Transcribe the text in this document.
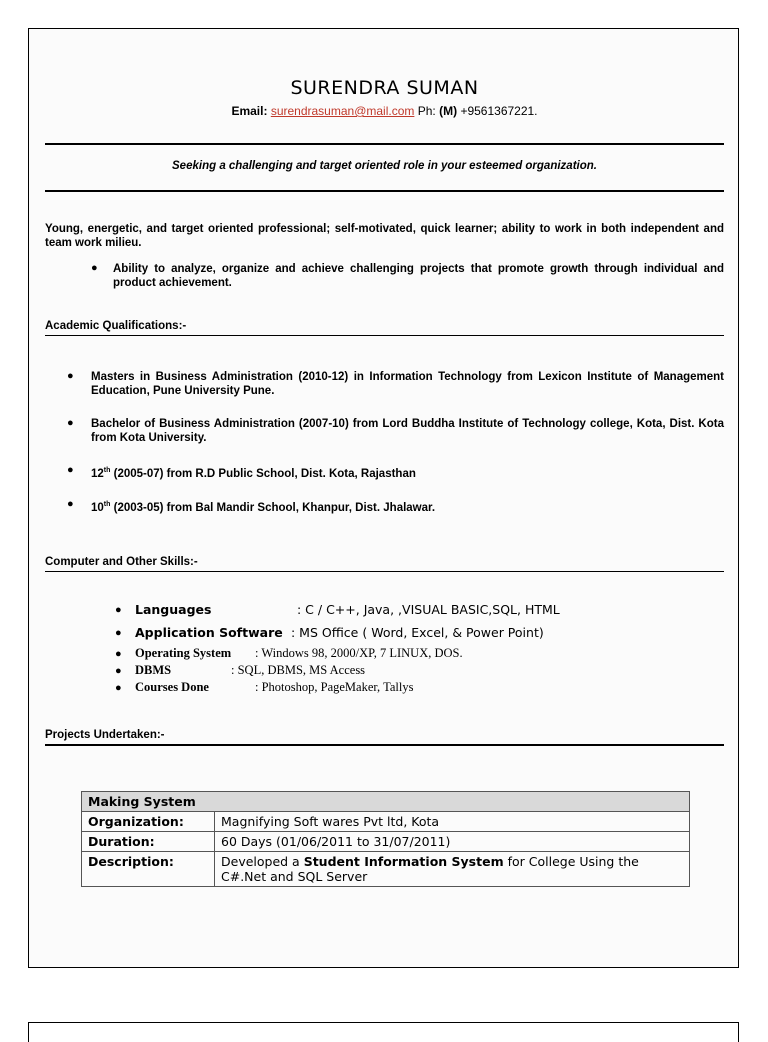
SURENDRA SUMAN
Email: surendrasuman@mail.com Ph: (M) +9561367221.
Seeking a challenging and target oriented role in your esteemed organization.
Young, energetic, and target oriented professional; self-motivated, quick learner; ability to work in both independent and team work milieu.
● Ability to analyze, organize and achieve challenging projects that promote growth through individual and product achievement.
Academic Qualifications:-
● Masters in Business Administration (2010-12) in Information Technology from Lexicon Institute of Management Education, Pune University Pune.
● Bachelor of Business Administration (2007-10) from Lord Buddha Institute of Technology college, Kota, Dist. Kota from Kota University.
● 12th (2005-07) from R.D Public School, Dist. Kota, Rajasthan
● 10th (2003-05) from Bal Mandir School, Khanpur, Dist. Jhalawar.
Computer and Other Skills:-
● Languages	: C / C++, Java, ,VISUAL BASIC,SQL, HTML
● Application Software : MS Office ( Word, Excel, & Power Point)
● Operating System : Windows 98, 2000/XP, 7 LINUX, DOS.
● DBMS	: SQL, DBMS, MS Access
● Courses Done	: Photoshop, PageMaker, Tallys
Projects Undertaken:-
Making System	
Organization:	Magnifying Soft wares Pvt ltd, Kota
Duration:	60 Days (01/06/2011 to 31/07/2011)
Description:	Developed a Student Information System for College Using the C#.Net and SQL Server
